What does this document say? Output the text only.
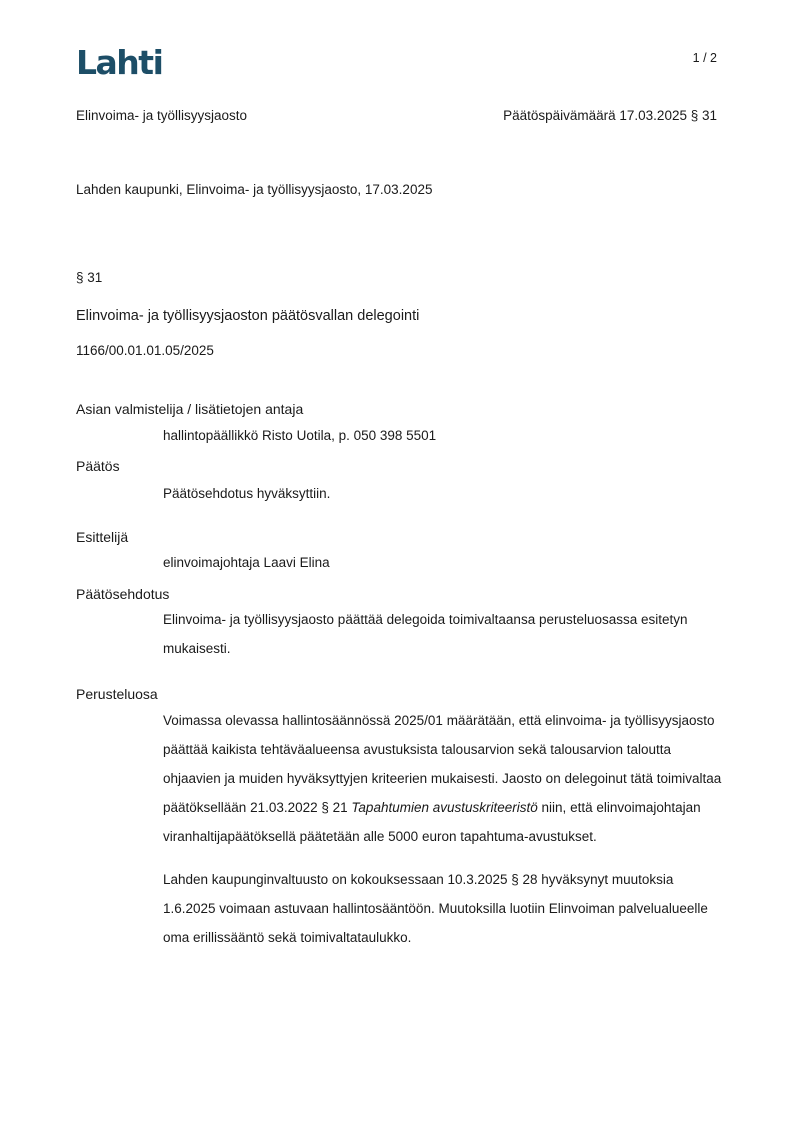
Lahti	1 / 2
Elinvoima- ja työllisyysjaosto	Päätöspäivämäärä 17.03.2025 § 31
Lahden kaupunki, Elinvoima- ja työllisyysjaosto, 17.03.2025
§ 31
Elinvoima- ja työllisyysjaoston päätösvallan delegointi
1166/00.01.01.05/2025
Asian valmistelija / lisätietojen antaja
hallintopäällikkö Risto Uotila, p. 050 398 5501
Päätös
Päätösehdotus hyväksyttiin.
Esittelijä
elinvoimajohtaja Laavi Elina
Päätösehdotus

Elinvoima- ja työllisyysjaosto päättää delegoida toimivaltaansa perusteluosassa esitetyn mukaisesti.

Perusteluosa

Voimassa olevassa hallintosäännössä 2025/01 määrätään, että elinvoima- ja työllisyysjaosto päättää kaikista tehtäväalueensa avustuksista talousarvion sekä talousarvion taloutta ohjaavien ja muiden hyväksyttyjen kriteerien mukaisesti. Jaosto on delegoinut tätä toimivaltaa päätöksellään 21.03.2022 § 21 Tapahtumien avustuskriteeristö niin, että elinvoimajohtajan viranhaltijapäätöksellä päätetään alle 5000 euron tapahtuma-avustukset.

Lahden kaupunginvaltuusto on kokouksessaan 10.3.2025 § 28 hyväksynyt muutoksia 1.6.2025 voimaan astuvaan hallintosääntöön. Muutoksilla luotiin Elinvoiman palvelualueelle oma erillissääntö sekä toimivaltataulukko.
